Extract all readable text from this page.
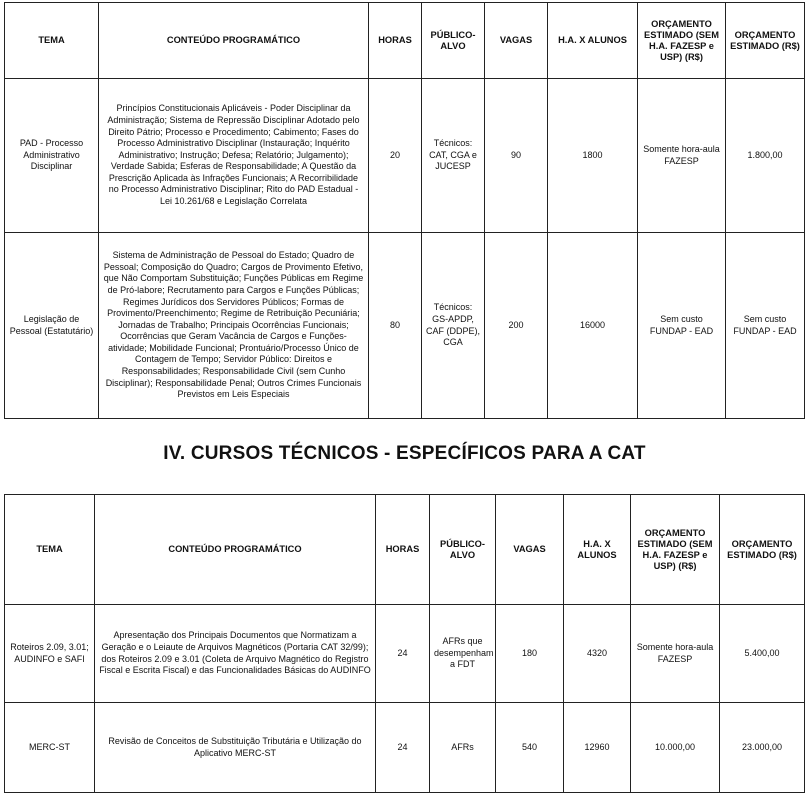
TEMA	CONTEÚDO PROGRAMÁTICO	HORAS	PÚBLICO-ALVO	VAGAS	H.A. X ALUNOS	ORÇAMENTO ESTIMADO (SEM H.A. FAZESP e USP) (R$)	ORÇAMENTO ESTIMADO (R$)
PAD - Processo Administrativo Disciplinar	Princípios Constitucionais Aplicáveis - Poder Disciplinar da Administração; Sistema de Repressão Disciplinar Adotado pelo Direito Pátrio; Processo e Procedimento; Cabimento; Fases do Processo Administrativo Disciplinar (Instauração; Inquérito Administrativo; Instrução; Defesa; Relatório; Julgamento); Verdade Sabida; Esferas de Responsabilidade; A Questão da Prescrição Aplicada às Infrações Funcionais; A Recorribilidade no Processo Administrativo Disciplinar; Rito do PAD Estadual - Lei 10.261/68 e Legislação Correlata	20	Técnicos: CAT, CGA e JUCESP	90	1800	Somente hora-aula FAZESP	1.800,00
Legislação de Pessoal (Estatutário)	Sistema de Administração de Pessoal do Estado; Quadro de Pessoal; Composição do Quadro; Cargos de Provimento Efetivo, que Não Comportam Substituição; Funções Públicas em Regime de Pró-labore; Recrutamento para Cargos e Funções Públicas; Regimes Jurídicos dos Servidores Públicos; Formas de Provimento/Preenchimento; Regime de Retribuição Pecuniária; Jornadas de Trabalho; Principais Ocorrências Funcionais; Ocorrências que Geram Vacância de Cargos e Funções-atividade; Mobilidade Funcional; Prontuário/Processo Único de Contagem de Tempo; Servidor Público: Direitos e Responsabilidades; Responsabilidade Civil (sem Cunho Disciplinar); Responsabilidade Penal; Outros Crimes Funcionais Previstos em Leis Especiais	80	Técnicos: GS-APDP, CAF (DDPE), CGA	200	16000	Sem custo FUNDAP - EAD	Sem custo FUNDAP - EAD
IV. CURSOS TÉCNICOS - ESPECÍFICOS PARA A CAT
TEMA	CONTEÚDO PROGRAMÁTICO	HORAS	PÚBLICO-ALVO	VAGAS	H.A. X ALUNOS	ORÇAMENTO ESTIMADO (SEM H.A. FAZESP e USP) (R$)	ORÇAMENTO ESTIMADO (R$)
Roteiros 2.09, 3.01; AUDINFO e SAFI	Apresentação dos Principais Documentos que Normatizam a Geração e o Leiaute de Arquivos Magnéticos (Portaria CAT 32/99); dos Roteiros 2.09 e 3.01 (Coleta de Arquivo Magnético do Registro Fiscal e Escrita Fiscal) e das Funcionalidades Básicas do AUDINFO	24	AFRs que desempenham a FDT	180	4320	Somente hora-aula FAZESP	5.400,00
MERC-ST	Revisão de Conceitos de Substituição Tributária e Utilização do Aplicativo MERC-ST	24	AFRs	540	12960	10.000,00	23.000,00
